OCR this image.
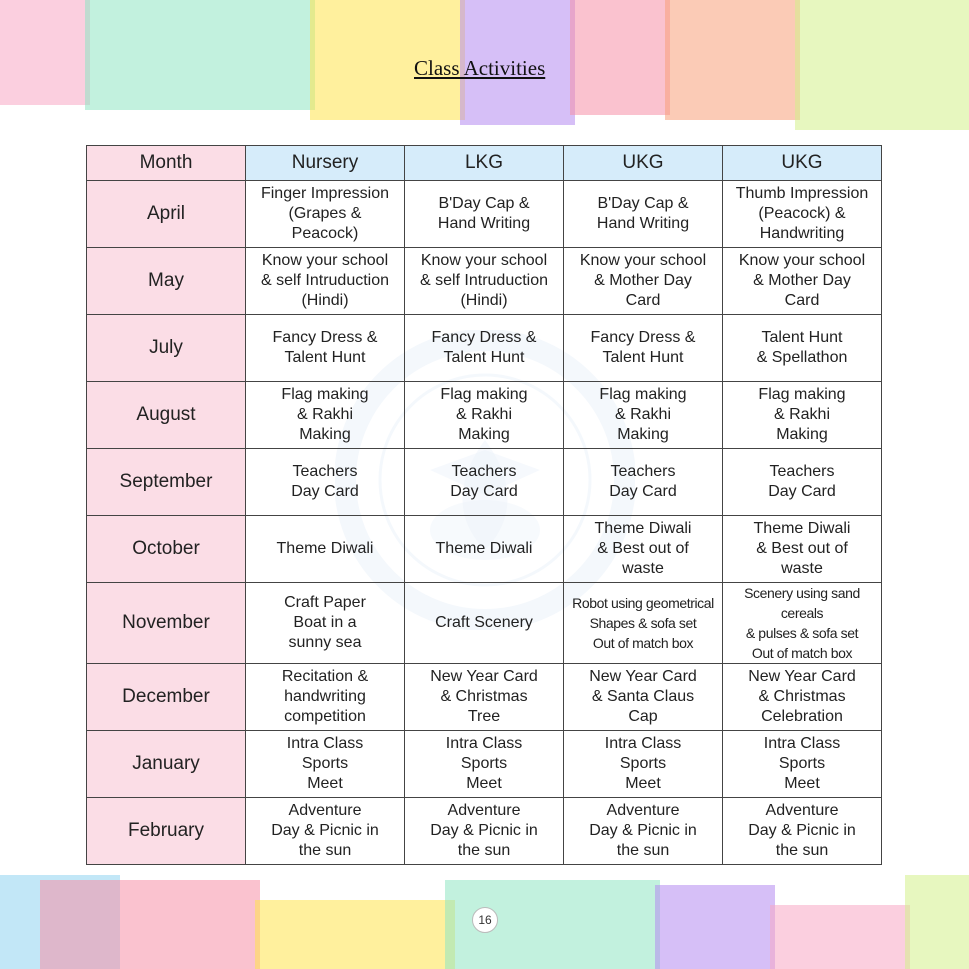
Class Activities
Month	Nursery	LKG	UKG	UKG
April	Finger Impression
(Grapes &
Peacock)	B'Day Cap &
Hand Writing	B'Day Cap &
Hand Writing	Thumb Impression
(Peacock) &
Handwriting
May	Know your school
& self Intruduction
(Hindi)	Know your school
& self Intruduction
(Hindi)	Know your school
& Mother Day
Card	Know your school
& Mother Day
Card
July	Fancy Dress &
Talent Hunt	Fancy Dress &
Talent Hunt	Fancy Dress &
Talent Hunt	Talent Hunt
& Spellathon
August	Flag making
& Rakhi
Making	Flag making
& Rakhi
Making	Flag making
& Rakhi
Making	Flag making
& Rakhi
Making
September	Teachers
Day Card	Teachers
Day Card	Teachers
Day Card	Teachers
Day Card
October	Theme Diwali	Theme Diwali	Theme Diwali
& Best out of
waste	Theme Diwali
& Best out of
waste
November	Craft Paper
Boat in a
sunny sea	Craft Scenery	Robot using geometrical
Shapes & sofa set
Out of match box	Scenery using sand cereals
& pulses & sofa set
Out of match box
December	Recitation &
handwriting
competition	New Year Card
& Christmas
Tree	New Year Card
& Santa Claus
Cap	New Year Card
& Christmas
Celebration
January	Intra Class
Sports
Meet	Intra Class
Sports
Meet	Intra Class
Sports
Meet	Intra Class
Sports
Meet
February	Adventure
Day & Picnic in
the sun	Adventure
Day & Picnic in
the sun	Adventure
Day & Picnic in
the sun	Adventure
Day & Picnic in
the sun
16
